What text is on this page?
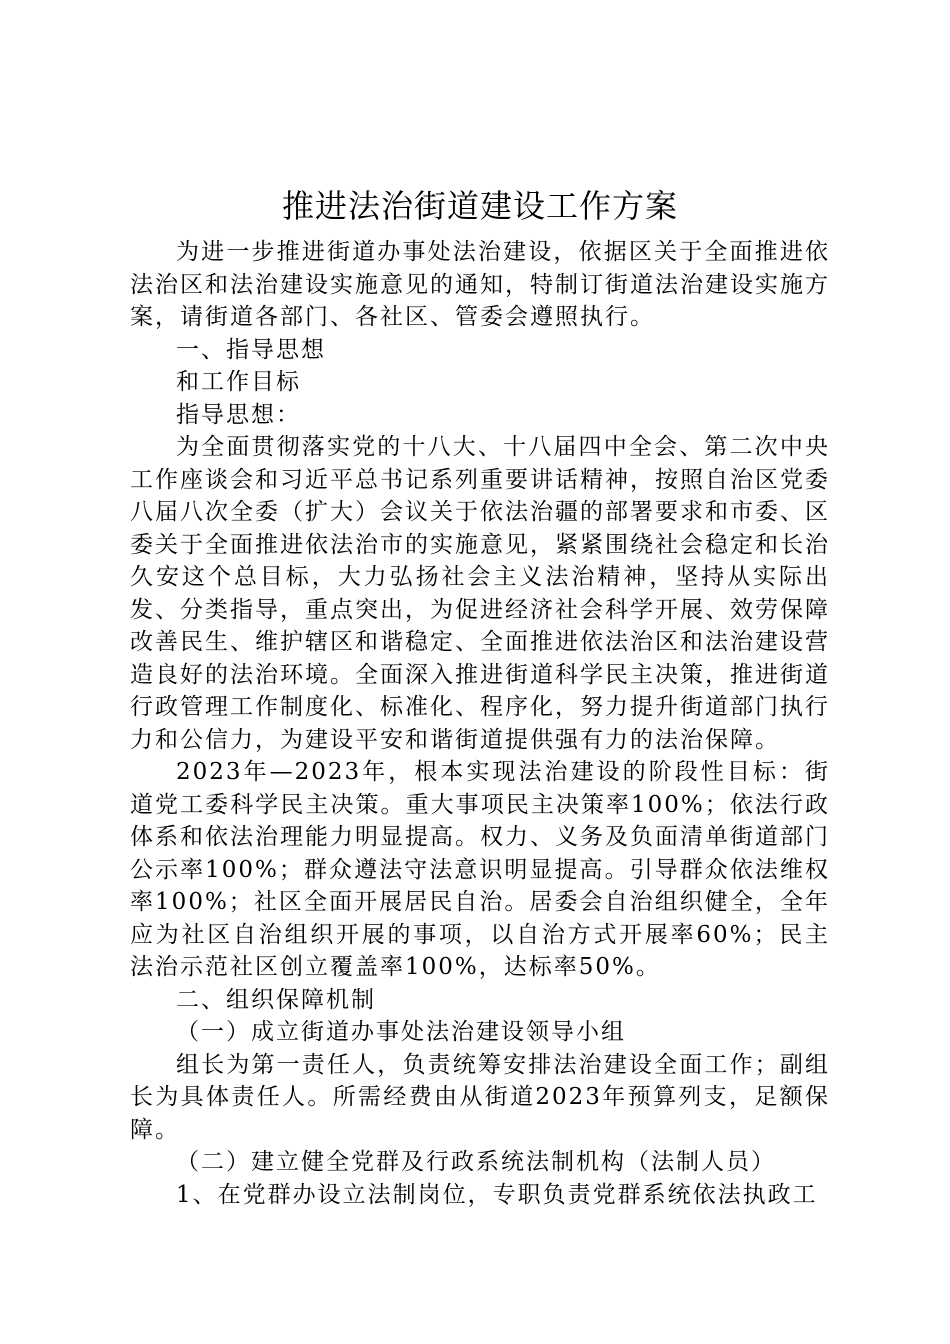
推进法治街道建设工作方案

为进一步推进街道办事处法治建设，依据区关于全面推进依法治区和法治建设实施意见的通知，特制订街道法治建设实施方案，请街道各部门、各社区、管委会遵照执行。

一、指导思想

和工作目标

指导思想：

为全面贯彻落实党的十八大、十八届四中全会、第二次中央工作座谈会和习近平总书记系列重要讲话精神，按照自治区党委八届八次全委（扩大）会议关于依法治疆的部署要求和市委、区委关于全面推进依法治市的实施意见，紧紧围绕社会稳定和长治久安这个总目标，大力弘扬社会主义法治精神，坚持从实际出发、分类指导，重点突出，为促进经济社会科学开展、效劳保障改善民生、维护辖区和谐稳定、全面推进依法治区和法治建设营造良好的法治环境。全面深入推进街道科学民主决策，推进街道行政管理工作制度化、标准化、程序化，努力提升街道部门执行力和公信力，为建设平安和谐街道提供强有力的法治保障。

2023年—2023年，根本实现法治建设的阶段性目标：街道党工委科学民主决策。重大事项民主决策率100%；依法行政体系和依法治理能力明显提高。权力、义务及负面清单街道部门公示率100%；群众遵法守法意识明显提高。引导群众依法维权率100%；社区全面开展居民自治。居委会自治组织健全，全年应为社区自治组织开展的事项，以自治方式开展率60%；民主法治示范社区创立覆盖率100%，达标率50%。

二、组织保障机制

（一）成立街道办事处法治建设领导小组

组长为第一责任人，负责统筹安排法治建设全面工作；副组长为具体责任人。所需经费由从街道2023年预算列支，足额保障。

（二）建立健全党群及行政系统法制机构（法制人员）

1、在党群办设立法制岗位，专职负责党群系统依法执政工
